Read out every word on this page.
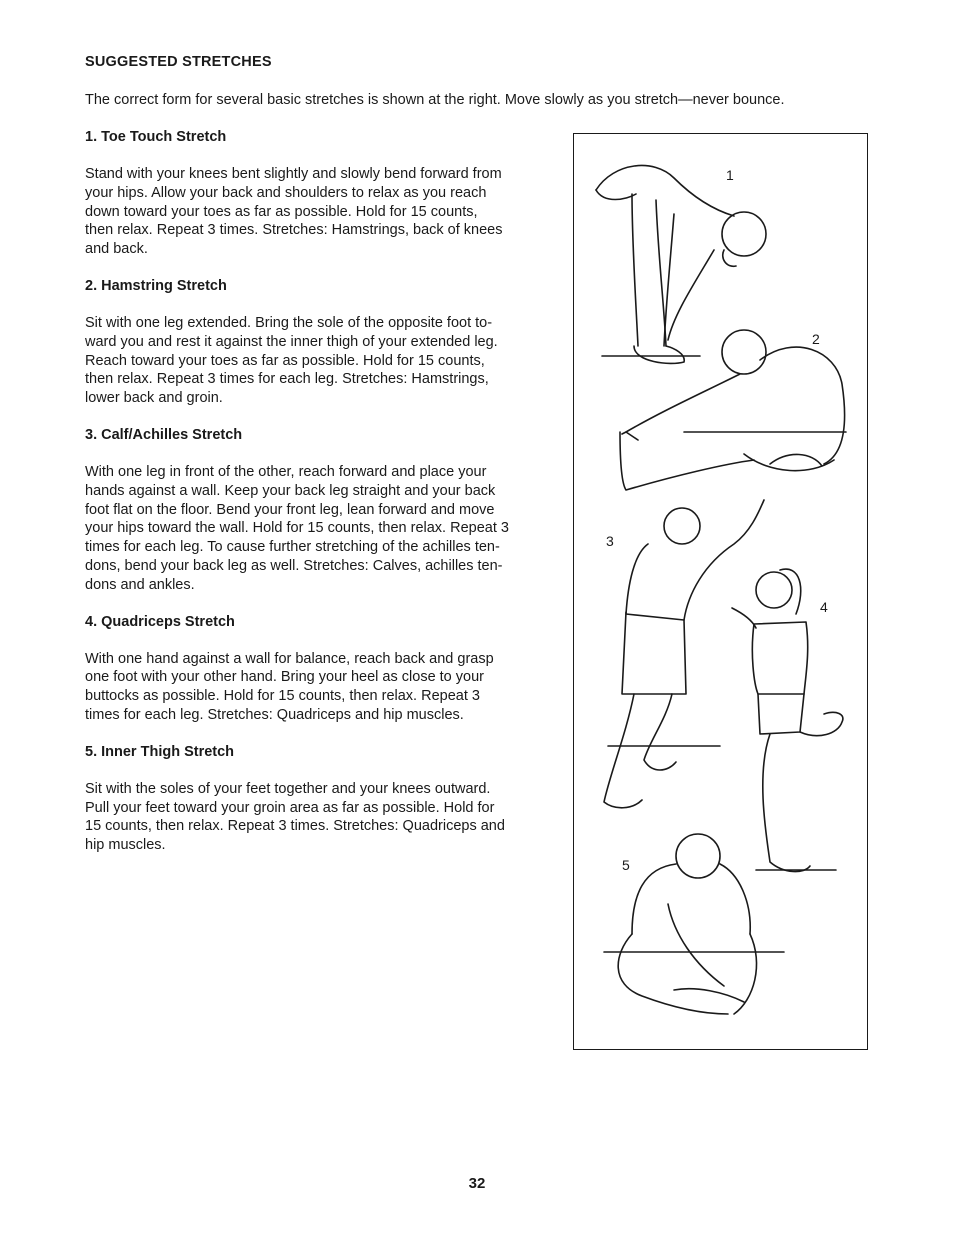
SUGGESTED STRETCHES
The correct form for several basic stretches is shown at the right. Move slowly as you stretch—never bounce.
1. Toe Touch Stretch
Stand with your knees bent slightly and slowly bend forward from
your hips. Allow your back and shoulders to relax as you reach
down toward your toes as far as possible. Hold for 15 counts,
then relax. Repeat 3 times. Stretches: Hamstrings, back of knees
and back.
2. Hamstring Stretch
Sit with one leg extended. Bring the sole of the opposite foot to-
ward you and rest it against the inner thigh of your extended leg.
Reach toward your toes as far as possible. Hold for 15 counts,
then relax. Repeat 3 times for each leg. Stretches: Hamstrings,
lower back and groin.
3. Calf/Achilles Stretch
With one leg in front of the other, reach forward and place your
hands against a wall. Keep your back leg straight and your back
foot flat on the floor. Bend your front leg, lean forward and move
your hips toward the wall. Hold for 15 counts, then relax. Repeat 3
times for each leg. To cause further stretching of the achilles ten-
dons, bend your back leg as well. Stretches: Calves, achilles ten-
dons and ankles.
4. Quadriceps Stretch
With one hand against a wall for balance, reach back and grasp
one foot with your other hand. Bring your heel as close to your
buttocks as possible. Hold for 15 counts, then relax. Repeat 3
times for each leg. Stretches: Quadriceps and hip muscles.
5. Inner Thigh Stretch
Sit with the soles of your feet together and your knees outward.
Pull your feet toward your groin area as far as possible. Hold for
15 counts, then relax. Repeat 3 times. Stretches: Quadriceps and
hip muscles.
1
2
3
4
5
32
